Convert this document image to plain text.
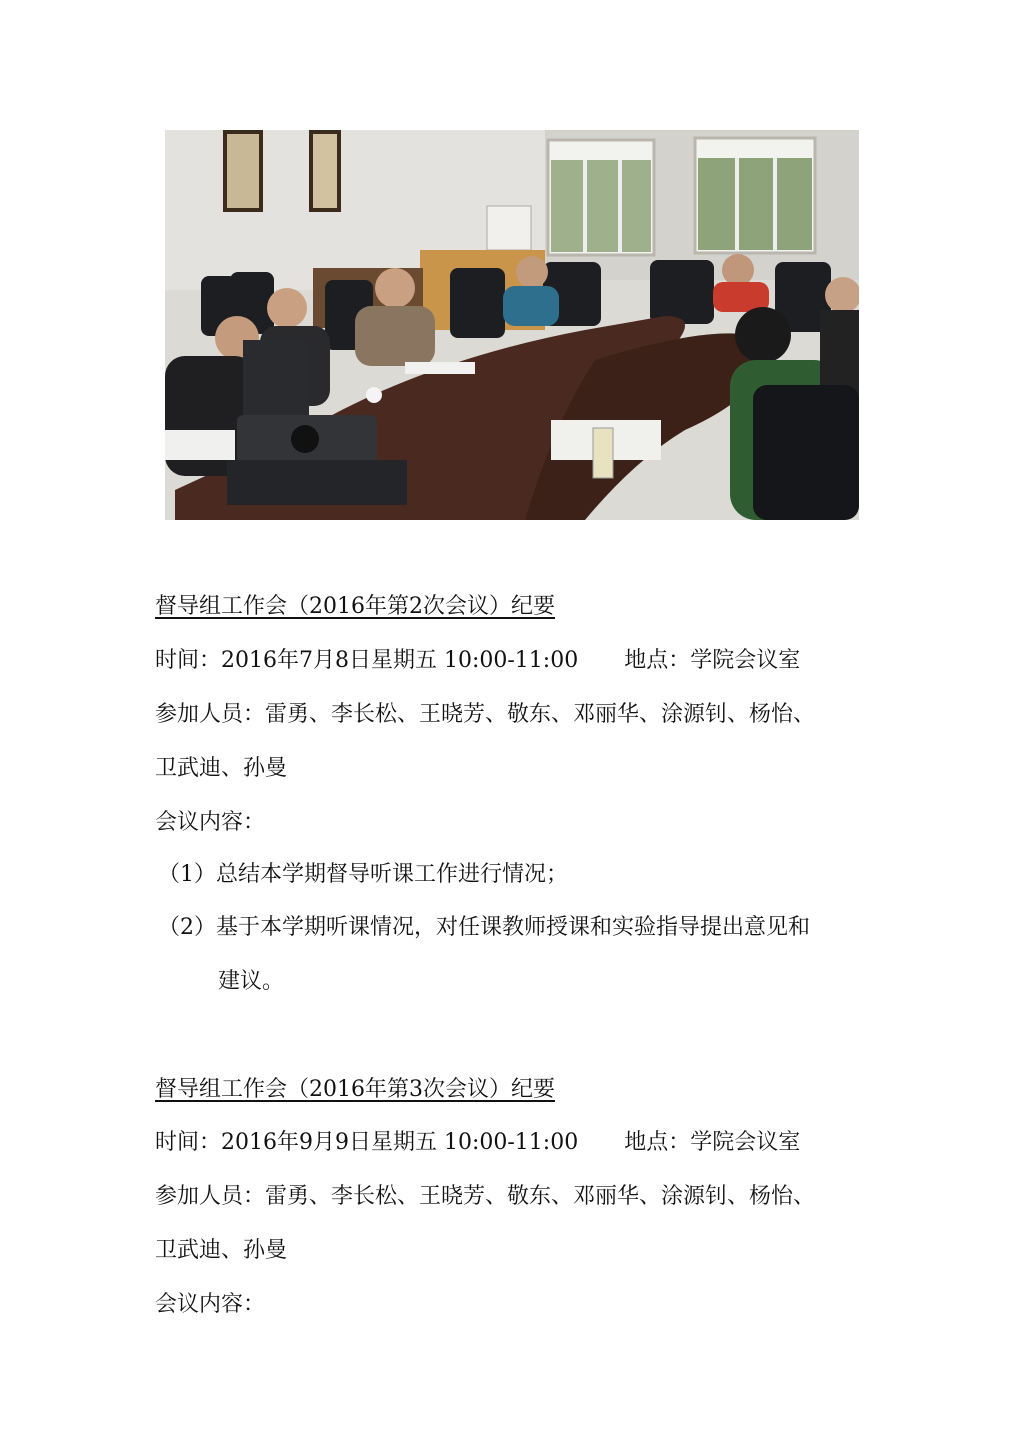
督导组工作会（2016年第2次会议）纪要
时间：2016年7月8日星期五 10:00-11:00 地点：学院会议室
参加人员：雷勇、李长松、王晓芳、敬东、邓丽华、涂源钊、杨怡、
卫武迪、孙曼
会议内容：
（1）总结本学期督导听课工作进行情况；
（2）基于本学期听课情况，对任课教师授课和实验指导提出意见和
建议。
督导组工作会（2016年第3次会议）纪要
时间：2016年9月9日星期五 10:00-11:00 地点：学院会议室
参加人员：雷勇、李长松、王晓芳、敬东、邓丽华、涂源钊、杨怡、
卫武迪、孙曼
会议内容：
